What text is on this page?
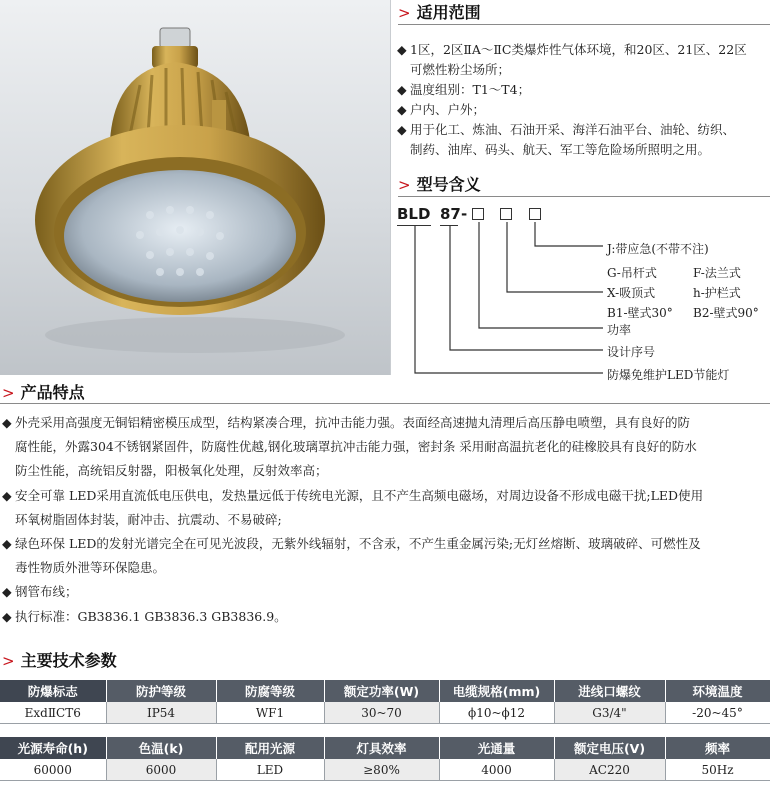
> 适用范围
◆ 1区，2区ⅡA～ⅡC类爆炸性气体环境，和20区、21区、22区
可燃性粉尘场所；
◆ 温度组别：T1～T4；
◆ 户内、户外；
◆ 用于化工、炼油、石油开采、海洋石油平台、油轮、纺织、
制药、油库、码头、航天、军工等危险场所照明之用。
> 型号含义
BLD 87 -
J:带应急(不带不注)
G-吊杆式	F-法兰式
X-吸顶式	h-护栏式
B1-壁式30° B2-壁式90°
功率
设计序号
防爆免维护LED节能灯
> 产品特点
◆ 外壳采用高强度无铜铝精密模压成型，结构紧凑合理，抗冲击能力强。表面经高速抛丸清理后高压静电喷塑，具有良好的防
腐性能，外露304不锈钢紧固件，防腐性优越,钢化玻璃罩抗冲击能力强，密封条 采用耐高温抗老化的硅橡胶具有良好的防水
防尘性能，高统铝反射器，阳极氧化处理，反射效率高；
◆ 安全可靠 LED采用直流低电压供电，发热量远低于传统电光源，且不产生高频电磁场，对周边设备不形成电磁干扰;LED使用
环氧树脂固体封装，耐冲击、抗震动、不易破碎;
◆ 绿色环保 LED的发射光谱完全在可见光波段，无紫外线辐射，不含汞，不产生重金属污染;无灯丝熔断、玻璃破碎、可燃性及
毒性物质外泄等环保隐患。
◆ 钢管布线；
◆ 执行标准：GB3836.1 GB3836.3 GB3836.9。
> 主要技术参数
防爆标志	防护等级	防腐等级	额定功率(W)	电缆规格(mm)	进线口螺纹	环境温度
ExdⅡCT6	IP54	WF1	30~70	ϕ10~ϕ12	G3/4"	-20~45°

光源寿命(h)	色温(k)	配用光源	灯具效率	光通量	额定电压(V)	频率
60000	6000	LED	≥80%	4000	AC220	50Hz
